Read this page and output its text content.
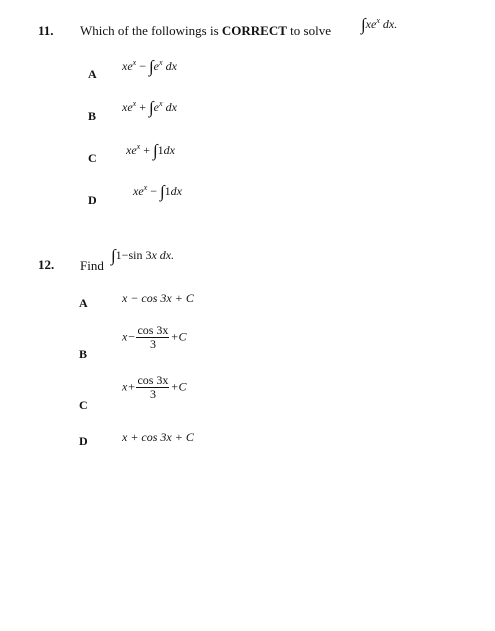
11. Which of the followings is CORRECT to solve $\int xe^x$ dx.
A
$xe^x - \int e^x$ dx
B
$xe^x + \int e^x$ dx
C
$xe^x + \int 1dx$
D
$xe^x - \int 1dx$
12. Find
∫1−sin 3x dx.
A	x − cos 3x + C
B
$x- \frac{\cos 3x}{3} +C$
C
$x+ \frac{\cos 3x}{3} +C$
D	x + cos 3x + C
